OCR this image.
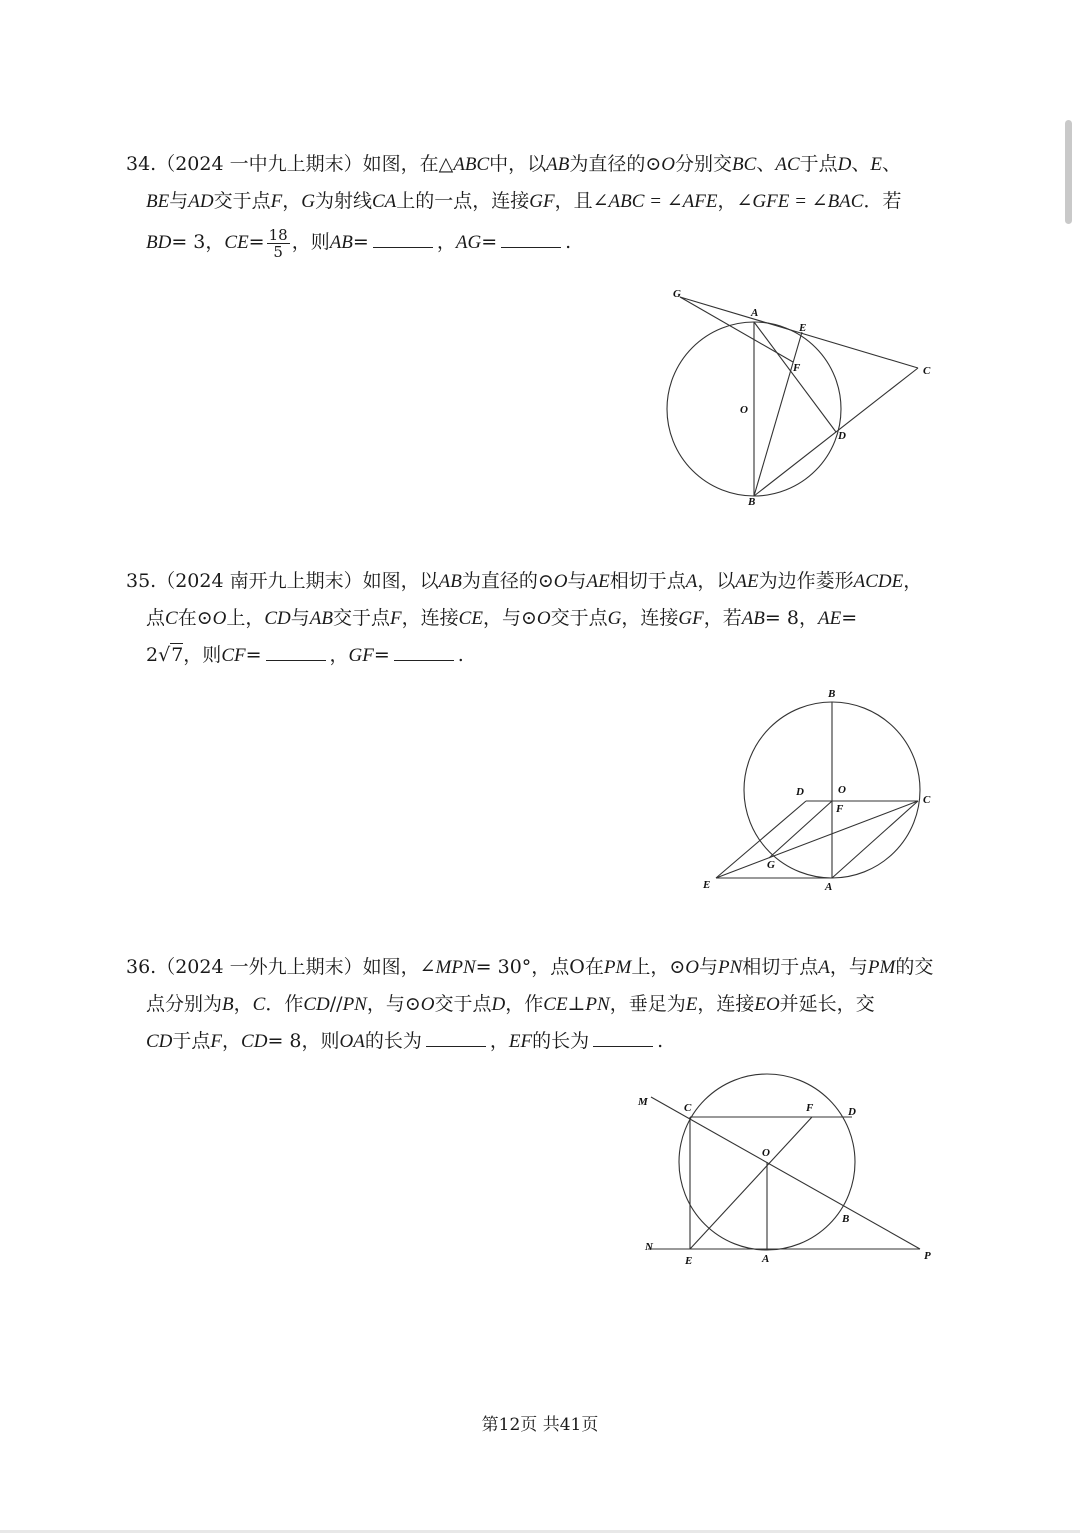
34.（2024 一中九上期末）如图，在△ABC中，以AB为直径的⊙O分别交BC、AC于点D、E、

BE与AD交于点F，G为射线CA上的一点，连接GF，且∠ABC = ∠AFE，∠GFE = ∠BAC．若

BD= 3，$CE= \frac{18}{5}$ ，则AB=	，AG=	.

G
A
E
F	C
O
D
B

35.（2024 南开九上期末）如图，以AB为直径的⊙O与AE相切于点A，以AE为边作菱形ACDE，

点C在⊙O上，CD与AB交于点F，连接CE，与⊙O交于点G，连接GF，若AB= 8，AE=

2√7，则CF=	，GF=	.

B
D	O
C
F
G
E	A

36.（2024 一外九上期末）如图，∠MPN= 30°，点O在PM上，⊙O与PN相切于点A，与PM的交

点分别为B，C．作CD//PN，与⊙O交于点D，作CE⊥PN，垂足为E，连接EO并延长，交

CD于点F，CD= 8，则OA的长为	，EF的长为	.

M	C	F	D
O
B
N
E	A	P
第12页 共41页
